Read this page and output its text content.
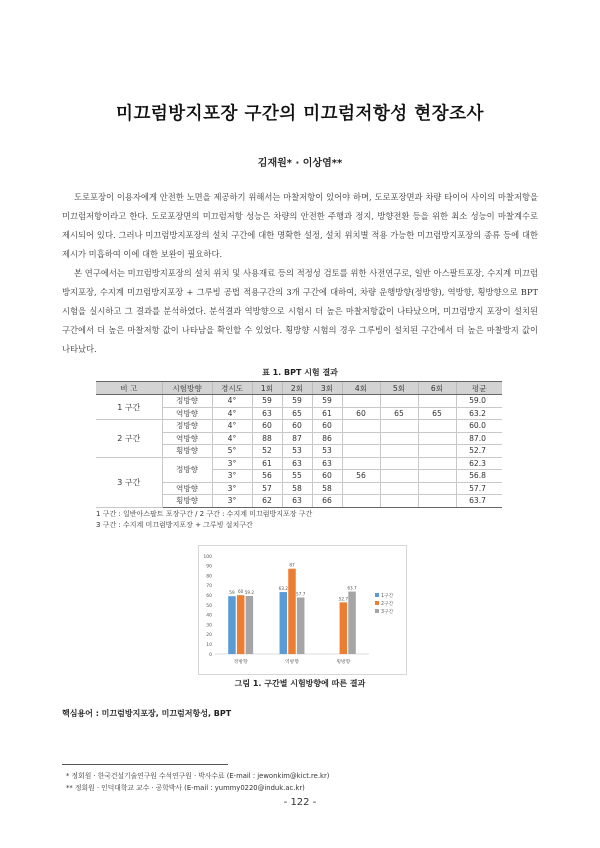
미끄럼방지포장 구간의 미끄럼저항성 현장조사
김재원* · 이상염**

도로포장이 이용자에게 안전한 노면을 제공하기 위해서는 마찰저항이 있어야 하며, 도로포장면과 차량 타이어 사이의 마찰저항을 미끄럼저항이라고 한다. 도로포장면의 미끄럼저항 성능은 차량의 안전한 주행과 정지, 방향전환 등을 위한 최소 성능이 마찰계수로 제시되어 있다. 그러나 미끄럼방지포장의 설치 구간에 대한 명확한 설정, 설치 위치별 적용 가능한 미끄럼방지포장의 종류 등에 대한 제시가 미흡하여 이에 대한 보완이 필요하다.

본 연구에서는 미끄럼방지포장의 설치 위치 및 사용재료 등의 적정성 검토를 위한 사전연구로, 일반 아스팔트포장, 수지계 미끄럼방지포장, 수지계 미끄럼방지포장 + 그루빙 공법 적용구간의 3개 구간에 대하여, 차량 운행방향(정방향), 역방향, 횡방향으로 BPT 시험을 실시하고 그 결과를 분석하였다. 분석결과 역방향으로 시험시 더 높은 마찰저항값이 나타났으며, 미끄럼방지 포장이 설치된 구간에서 더 높은 마찰저항 값이 나타남을 확인할 수 있었다. 횡방향 시험의 경우 그루빙이 설치된 구간에서 더 높은 마찰방지 값이 나타났다.

표 1. BPT 시험 결과
비 고	시험방향	경시도	1회	2회	3회	4회	5회	6회	평균
1 구간	정방향	4°	59	59	59				59.0
	역방향	4°	63	65	61	60	65	65	63.2
2 구간	정방향	4°	60	60	60				60.0
	역방향	4°	88	87	86				87.0
	횡방향	5°	52	53	53				52.7
3 구간	정방향	3°	61	63	63				62.3
		3°	56	55	60	56			56.8
	역방향	3°	57	58	58				57.7
	횡방향	3°	62	63	66				63.7
1 구간 : 일반아스팔트 포장구간 / 2 구간 : 수지계 미끄럼방지포장 구간
3 구간 : 수지계 미끄럼방지포장 + 그루빙 설치구간
0
10
20
30
40
50
60
70
80
90
100
정방향
59 60 59.2
역방향
63.2
87
57.7
횡방향
52.7
63.7
1구간
2구간
3구간
그림 1. 구간별 시험방향에 따른 결과
핵심용어 : 미끄럼방지포장, 미끄럼저항성, BPT
* 정회원 · 한국건설기술연구원 수석연구원 · 박사수료 (E-mail : jewonkim@kict.re.kr)
** 정회원 · 인덕대학교 교수 · 공학박사 (E-mail : yummy0220@induk.ac.kr)
- 122 -
